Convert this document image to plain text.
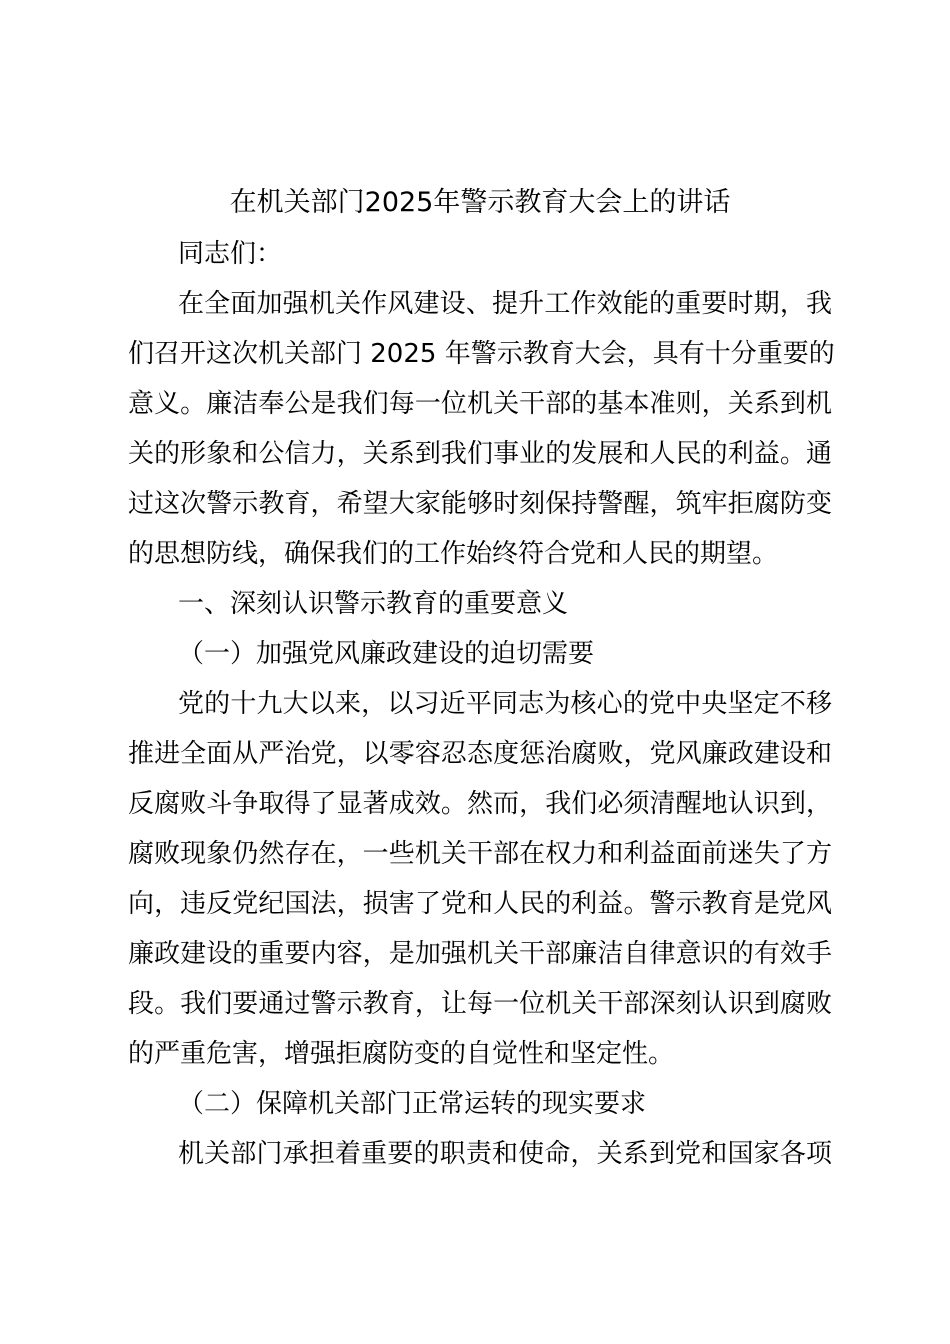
在机关部门2025年警示教育大会上的讲话
同志们：
在全面加强机关作风建设、提升工作效能的重要时期，我
们召开这次机关部门 2025 年警示教育大会，具有十分重要的
意义。廉洁奉公是我们每一位机关干部的基本准则，关系到机
关的形象和公信力，关系到我们事业的发展和人民的利益。通
过这次警示教育，希望大家能够时刻保持警醒，筑牢拒腐防变
的思想防线，确保我们的工作始终符合党和人民的期望。
一、深刻认识警示教育的重要意义
（一）加强党风廉政建设的迫切需要
党的十九大以来，以习近平同志为核心的党中央坚定不移
推进全面从严治党，以零容忍态度惩治腐败，党风廉政建设和
反腐败斗争取得了显著成效。然而，我们必须清醒地认识到，
腐败现象仍然存在，一些机关干部在权力和利益面前迷失了方
向，违反党纪国法，损害了党和人民的利益。警示教育是党风
廉政建设的重要内容，是加强机关干部廉洁自律意识的有效手
段。我们要通过警示教育，让每一位机关干部深刻认识到腐败
的严重危害，增强拒腐防变的自觉性和坚定性。
（二）保障机关部门正常运转的现实要求
机关部门承担着重要的职责和使命，关系到党和国家各项
